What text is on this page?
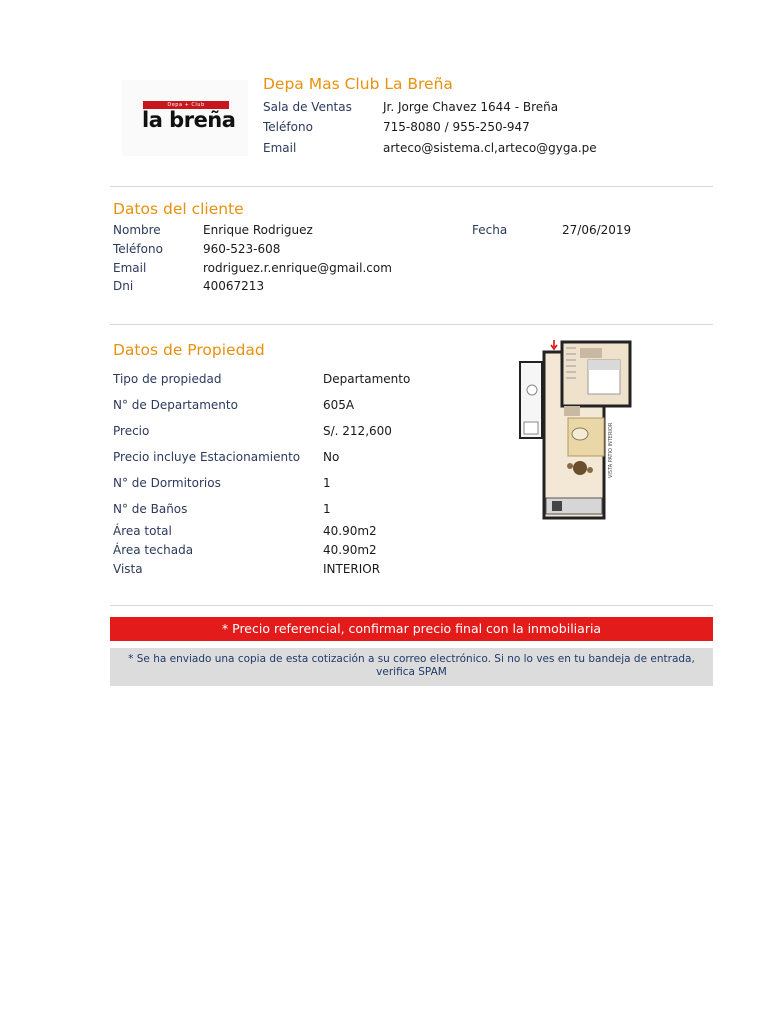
Depa + Club
la breña
Depa Mas Club La Breña
Sala de Ventas	Jr. Jorge Chavez 1644 - Breña
Teléfono	715-8080 / 955-250-947
Email	arteco@sistema.cl,arteco@gyga.pe
Datos del cliente
Nombre	Enrique Rodriguez
Teléfono	960-523-608
Email	rodriguez.r.enrique@gmail.com
Dni	40067213
Fecha	27/06/2019
Datos de Propiedad
Tipo de propiedad	Departamento
N° de Departamento	605A
Precio	S/. 212,600
Precio incluye Estacionamiento No
N° de Dormitorios	1
N° de Baños	1
Área total	40.90m2
Área techada	40.90m2
Vista	INTERIOR
VISTA PATIO INTERIOR
* Precio referencial, confirmar precio final con la inmobiliaria
* Se ha enviado una copia de esta cotización a su correo electrónico. Si no lo ves en tu bandeja de entrada,
verifica SPAM
